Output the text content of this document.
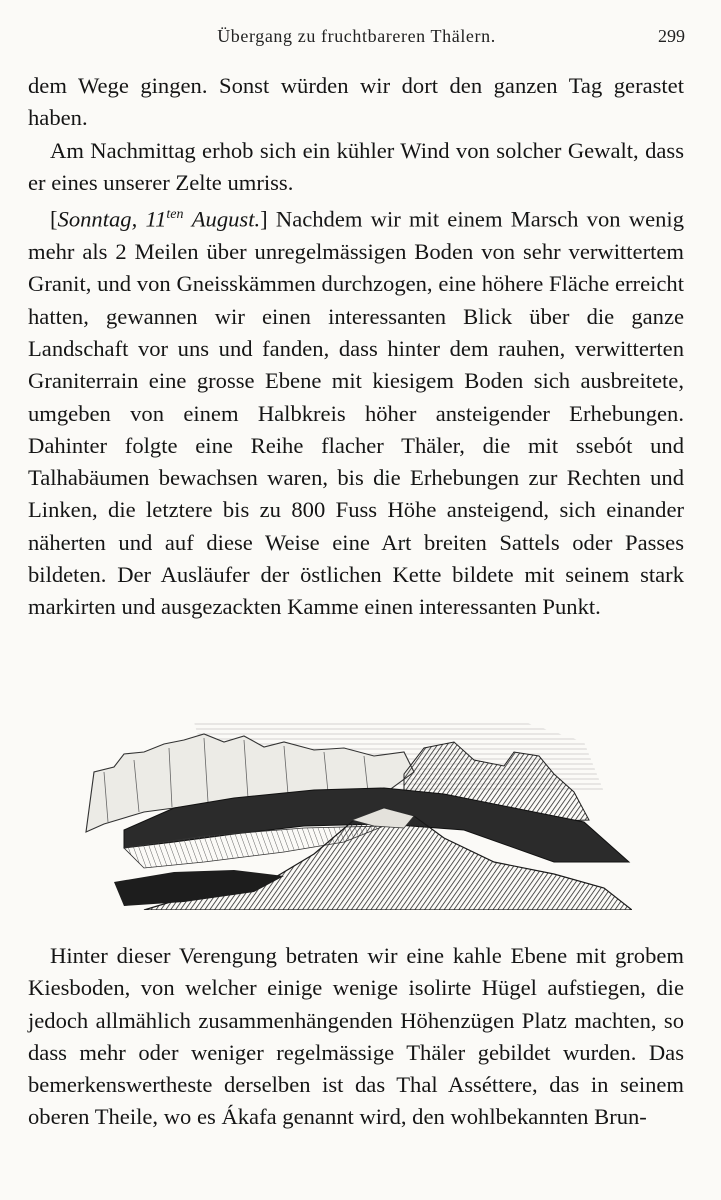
Übergang zu fruchtbareren Thälern.	299

dem Wege gingen. Sonst würden wir dort den ganzen Tag gerastet haben.

Am Nachmittag erhob sich ein kühler Wind von solcher Gewalt, dass er eines unserer Zelte umriss.

[Sonntag, $11^{ten}$ August.] Nachdem wir mit einem Marsch von wenig mehr als 2 Meilen über unregelmässigen Boden von sehr verwittertem Granit, und von Gneisskämmen durchzogen, eine höhere Fläche erreicht hatten, gewannen wir einen interessanten Blick über die ganze Landschaft vor uns und fanden, dass hinter dem rauhen, verwitterten Graniterrain eine grosse Ebene mit kiesigem Boden sich ausbreitete, umgeben von einem Halbkreis höher ansteigender Erhebungen. Dahinter folgte eine Reihe flacher Thäler, die mit ssebót und Talhabäumen bewachsen waren, bis die Erhebungen zur Rechten und Linken, die letztere bis zu 800 Fuss Höhe ansteigend, sich einander näherten und auf diese Weise eine Art breiten Sattels oder Passes bildeten. Der Ausläufer der östlichen Kette bildete mit seinem stark markirten und ausgezackten Kamme einen interessanten Punkt.

Hinter dieser Verengung betraten wir eine kahle Ebene mit grobem Kiesboden, von welcher einige wenige isolirte Hügel aufstiegen, die jedoch allmählich zusammenhängenden Höhenzügen Platz machten, so dass mehr oder weniger regelmässige Thäler gebildet wurden. Das bemerkenswertheste derselben ist das Thal Asséttere, das in seinem oberen Theile, wo es Ákafa genannt wird, den wohlbekannten Brun-
